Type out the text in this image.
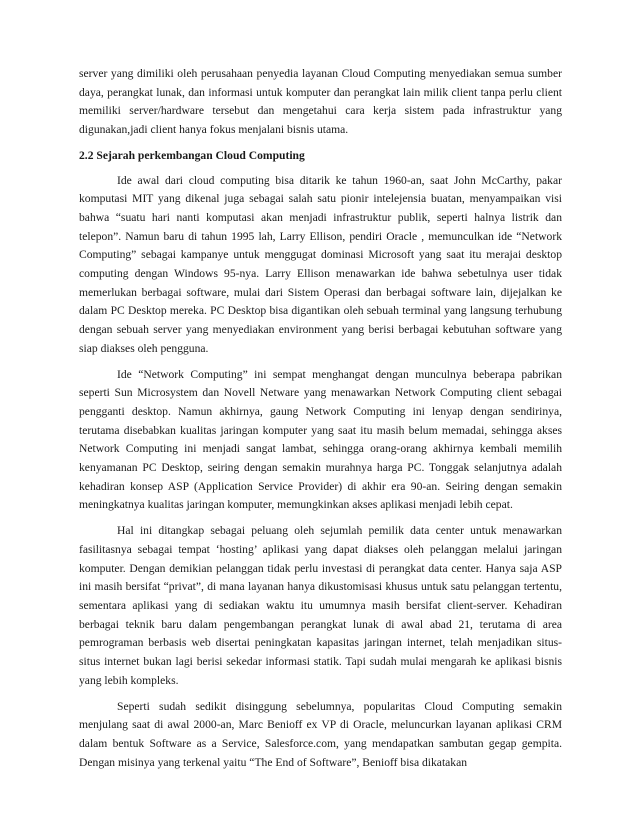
server yang dimiliki oleh perusahaan penyedia layanan Cloud Computing menyediakan semua sumber daya, perangkat lunak, dan informasi untuk komputer dan perangkat lain milik client tanpa perlu client memiliki server/hardware tersebut dan mengetahui cara kerja sistem pada infrastruktur yang digunakan,jadi client hanya fokus menjalani bisnis utama.

2.2 Sejarah perkembangan Cloud Computing

Ide awal dari cloud computing bisa ditarik ke tahun 1960-an, saat John McCarthy, pakar komputasi MIT yang dikenal juga sebagai salah satu pionir intelejensia buatan, menyampaikan visi bahwa “suatu hari nanti komputasi akan menjadi infrastruktur publik, seperti halnya listrik dan telepon”. Namun baru di tahun 1995 lah, Larry Ellison, pendiri Oracle , memunculkan ide “Network Computing” sebagai kampanye untuk menggugat dominasi Microsoft yang saat itu merajai desktop computing dengan Windows 95-nya. Larry Ellison menawarkan ide bahwa sebetulnya user tidak memerlukan berbagai software, mulai dari Sistem Operasi dan berbagai software lain, dijejalkan ke dalam PC Desktop mereka. PC Desktop bisa digantikan oleh sebuah terminal yang langsung terhubung dengan sebuah server yang menyediakan environment yang berisi berbagai kebutuhan software yang siap diakses oleh pengguna.

Ide “Network Computing” ini sempat menghangat dengan munculnya beberapa pabrikan seperti Sun Microsystem dan Novell Netware yang menawarkan Network Computing client sebagai pengganti desktop. Namun akhirnya, gaung Network Computing ini lenyap dengan sendirinya, terutama disebabkan kualitas jaringan komputer yang saat itu masih belum memadai, sehingga akses Network Computing ini menjadi sangat lambat, sehingga orang-orang akhirnya kembali memilih kenyamanan PC Desktop, seiring dengan semakin murahnya harga PC. Tonggak selanjutnya adalah kehadiran konsep ASP (Application Service Provider) di akhir era 90-an. Seiring dengan semakin meningkatnya kualitas jaringan komputer, memungkinkan akses aplikasi menjadi lebih cepat.

Hal ini ditangkap sebagai peluang oleh sejumlah pemilik data center untuk menawarkan fasilitasnya sebagai tempat ‘hosting’ aplikasi yang dapat diakses oleh pelanggan melalui jaringan komputer. Dengan demikian pelanggan tidak perlu investasi di perangkat data center. Hanya saja ASP ini masih bersifat “privat”, di mana layanan hanya dikustomisasi khusus untuk satu pelanggan tertentu, sementara aplikasi yang di sediakan waktu itu umumnya masih bersifat client-server. Kehadiran berbagai teknik baru dalam pengembangan perangkat lunak di awal abad 21, terutama di area pemrograman berbasis web disertai peningkatan kapasitas jaringan internet, telah menjadikan situs-situs internet bukan lagi berisi sekedar informasi statik. Tapi sudah mulai mengarah ke aplikasi bisnis yang lebih kompleks.

Seperti sudah sedikit disinggung sebelumnya, popularitas Cloud Computing semakin menjulang saat di awal 2000-an, Marc Benioff ex VP di Oracle, meluncurkan layanan aplikasi CRM dalam bentuk Software as a Service, Salesforce.com, yang mendapatkan sambutan gegap gempita. Dengan misinya yang terkenal yaitu “The End of Software”, Benioff bisa dikatakan
